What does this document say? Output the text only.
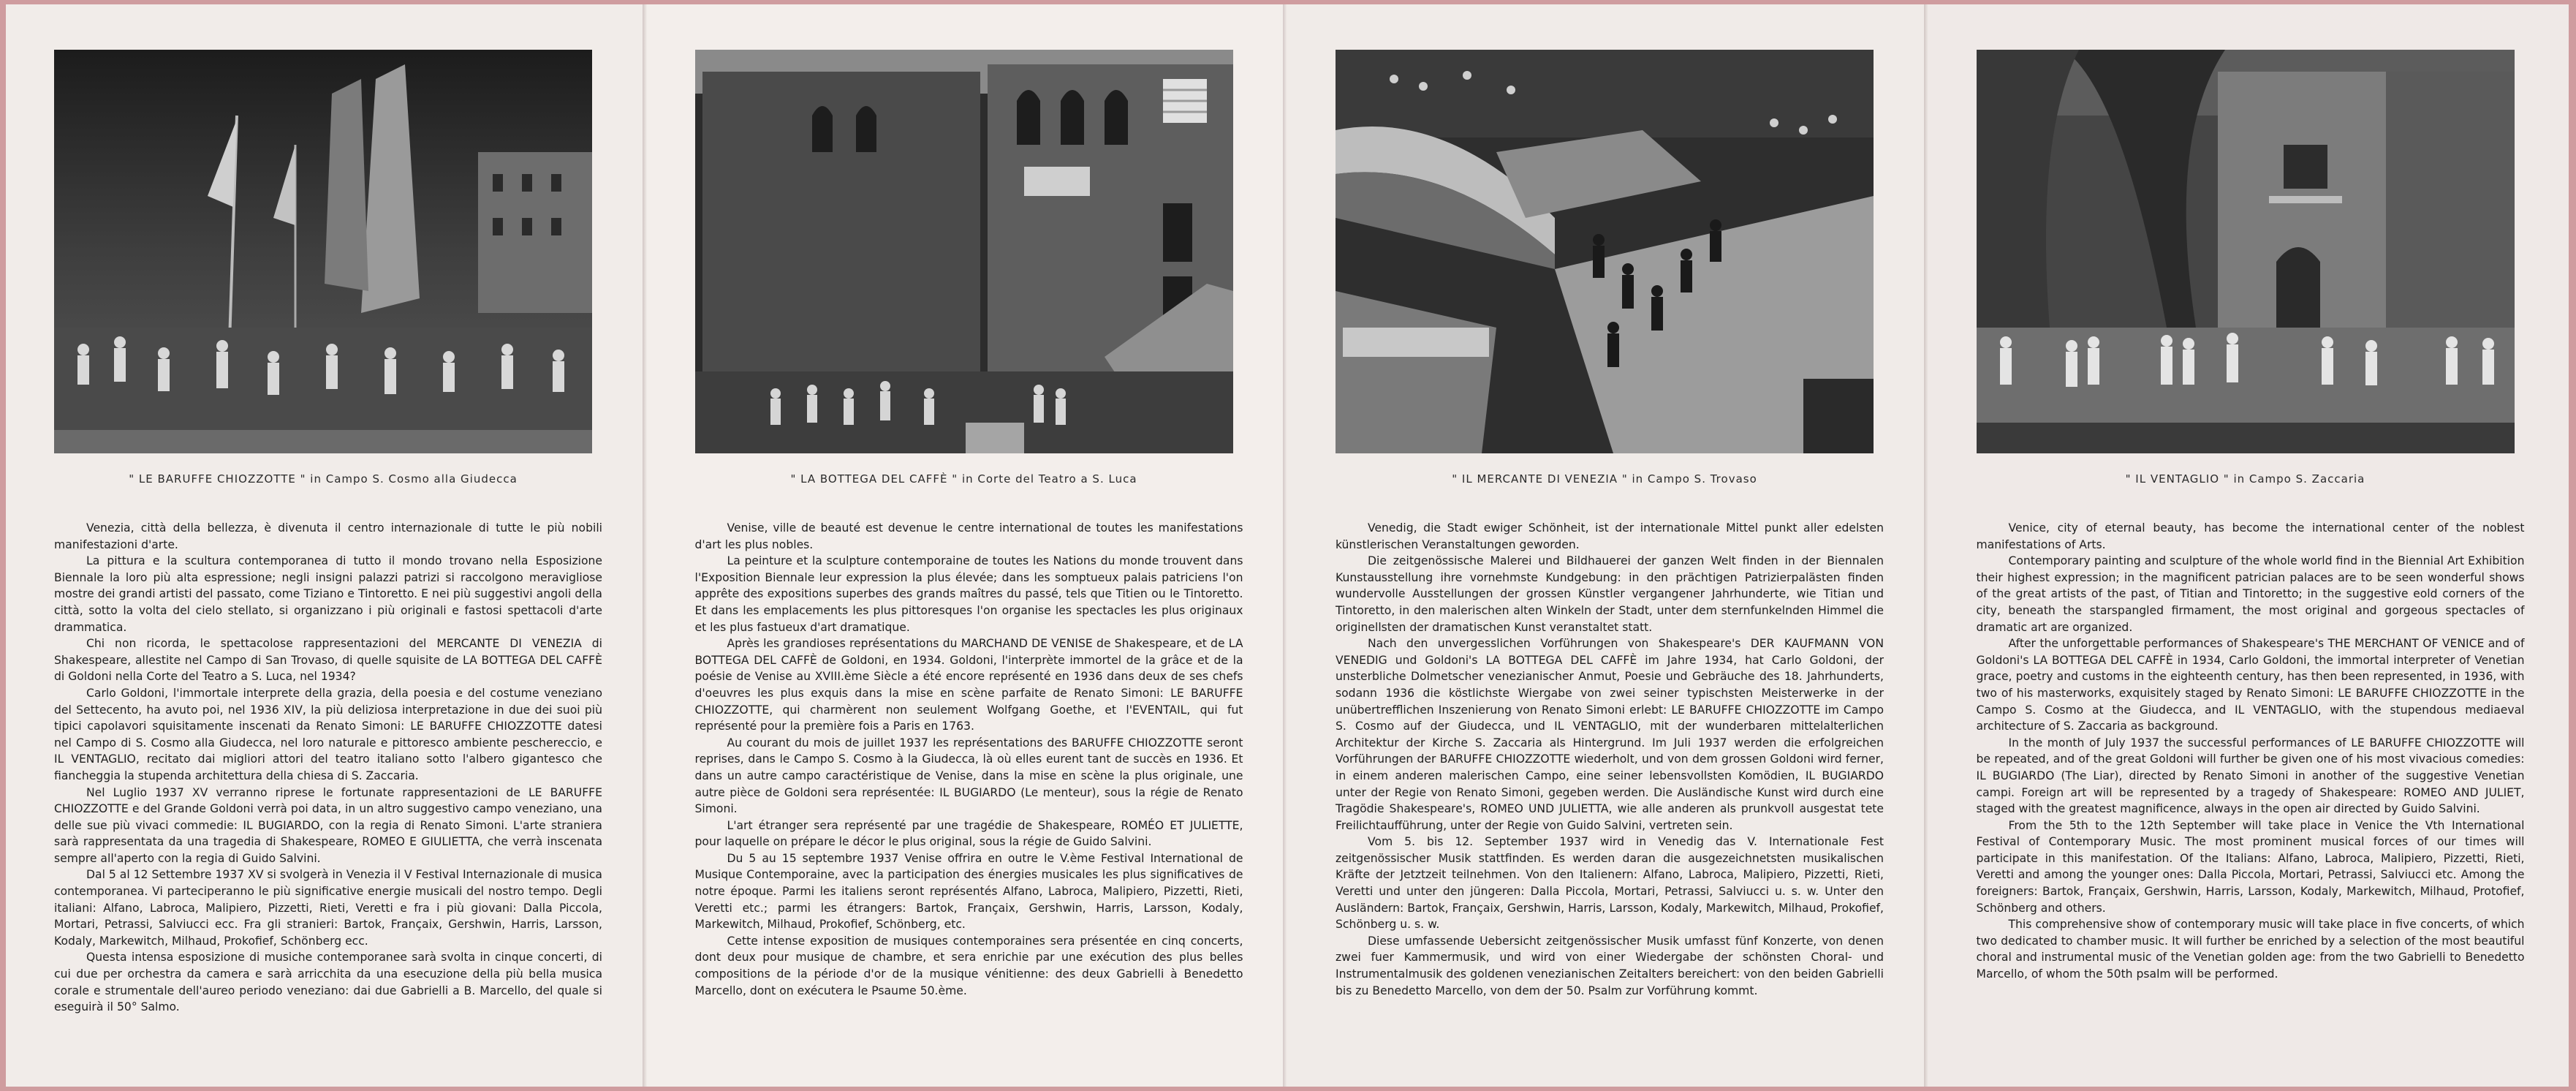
" LE BARUFFE CHIOZZOTTE " in Campo S. Cosmo alla Giudecca

Venezia, città della bellezza, è divenuta il centro internazionale di tutte le più nobili manifestazioni d'arte.

La pittura e la scultura contemporanea di tutto il mondo trovano nella Esposizione Biennale la loro più alta espressione; negli insigni palazzi patrizi si raccolgono meravigliose mostre dei grandi artisti del passato, come Tiziano e Tintoretto. E nei più suggestivi angoli della città, sotto la volta del cielo stellato, si organizzano i più originali e fastosi spettacoli d'arte drammatica.

Chi non ricorda, le spettacolose rappresentazioni del MERCANTE DI VENEZIA di Shakespeare, allestite nel Campo di San Trovaso, di quelle squisite de LA BOTTEGA DEL CAFFÈ di Goldoni nella Corte del Teatro a S. Luca, nel 1934?

Carlo Goldoni, l'immortale interprete della grazia, della poesia e del costume veneziano del Settecento, ha avuto poi, nel 1936 XIV, la più deliziosa interpretazione in due dei suoi più tipici capolavori squisitamente inscenati da Renato Simoni: LE BARUFFE CHIOZZOTTE datesi nel Campo di S. Cosmo alla Giudecca, nel loro naturale e pittoresco ambiente peschereccio, e IL VENTAGLIO, recitato dai migliori attori del teatro italiano sotto l'albero gigantesco che fiancheggia la stupenda architettura della chiesa di S. Zaccaria.

Nel Luglio 1937 XV verranno riprese le fortunate rappresentazioni de LE BARUFFE CHIOZZOTTE e del Grande Goldoni verrà poi data, in un altro suggestivo campo veneziano, una delle sue più vivaci commedie: IL BUGIARDO, con la regia di Renato Simoni. L'arte straniera sarà rappresentata da una tragedia di Shakespeare, ROMEO E GIULIETTA, che verrà inscenata sempre all'aperto con la regia di Guido Salvini.

Dal 5 al 12 Settembre 1937 XV si svolgerà in Venezia il V Festival Internazionale di musica contemporanea. Vi parteciperanno le più significative energie musicali del nostro tempo. Degli italiani: Alfano, Labroca, Malipiero, Pizzetti, Rieti, Veretti e fra i più giovani: Dalla Piccola, Mortari, Petrassi, Salviucci ecc. Fra gli stranieri: Bartok, Françaix, Gershwin, Harris, Larsson, Kodaly, Markewitch, Milhaud, Prokofief, Schönberg ecc.

Questa intensa esposizione di musiche contemporanee sarà svolta in cinque concerti, di cui due per orchestra da camera e sarà arricchita da una esecuzione della più bella musica corale e strumentale dell'aureo periodo veneziano: dai due Gabrielli a B. Marcello, del quale si eseguirà il 50° Salmo.

" LA BOTTEGA DEL CAFFÈ " in Corte del Teatro a S. Luca

Venise, ville de beauté est devenue le centre international de toutes les manifestations d'art les plus nobles.

La peinture et la sculpture contemporaine de toutes les Nations du monde trouvent dans l'Exposition Biennale leur expression la plus élevée; dans les somptueux palais patriciens l'on apprête des expositions superbes des grands maîtres du passé, tels que Titien ou le Tintoretto. Et dans les emplacements les plus pittoresques l'on organise les spectacles les plus originaux et les plus fastueux d'art dramatique.

Après les grandioses représentations du MARCHAND DE VENISE de Shakespeare, et de LA BOTTEGA DEL CAFFÈ de Goldoni, en 1934. Goldoni, l'interprète immortel de la grâce et de la poésie de Venise au XVIII.ème Siècle a été encore représenté en 1936 dans deux de ses chefs d'oeuvres les plus exquis dans la mise en scène parfaite de Renato Simoni: LE BARUFFE CHIOZZOTTE, qui charmèrent non seulement Wolfgang Goethe, et l'EVENTAIL, qui fut représenté pour la première fois a Paris en 1763.

Au courant du mois de juillet 1937 les représentations des BARUFFE CHIOZZOTTE seront reprises, dans le Campo S. Cosmo à la Giudecca, là où elles eurent tant de succès en 1936. Et dans un autre campo caractéristique de Venise, dans la mise en scène la plus originale, une autre pièce de Goldoni sera représentée: IL BUGIARDO (Le menteur), sous la régie de Renato Simoni.

L'art étranger sera représenté par une tragédie de Shakespeare, ROMÉO ET JULIETTE, pour laquelle on prépare le décor le plus original, sous la régie de Guido Salvini.

Du 5 au 15 septembre 1937 Venise offrira en outre le V.ème Festival International de Musique Contemporaine, avec la participation des énergies musicales les plus significatives de notre époque. Parmi les italiens seront représentés Alfano, Labroca, Malipiero, Pizzetti, Rieti, Veretti etc.; parmi les étrangers: Bartok, Françaix, Gershwin, Harris, Larsson, Kodaly, Markewitch, Milhaud, Prokofief, Schönberg, etc.

Cette intense exposition de musiques contemporaines sera présentée en cinq concerts, dont deux pour musique de chambre, et sera enrichie par une exécution des plus belles compositions de la période d'or de la musique vénitienne: des deux Gabrielli à Benedetto Marcello, dont on exécutera le Psaume 50.ème.

" IL MERCANTE DI VENEZIA " in Campo S. Trovaso

Venedig, die Stadt ewiger Schönheit, ist der internationale Mittel punkt aller edelsten künstlerischen Veranstaltungen geworden.

Die zeitgenössische Malerei und Bildhauerei der ganzen Welt finden in der Biennalen Kunstausstellung ihre vornehmste Kundgebung: in den prächtigen Patrizierpalästen finden wundervolle Ausstellungen der grossen Künstler vergangener Jahrhunderte, wie Titian und Tintoretto, in den malerischen alten Winkeln der Stadt, unter dem sternfunkelnden Himmel die originellsten der dramatischen Kunst veranstaltet statt.

Nach den unvergesslichen Vorführungen von Shakespeare's DER KAUFMANN VON VENEDIG und Goldoni's LA BOTTEGA DEL CAFFÈ im Jahre 1934, hat Carlo Goldoni, der unsterbliche Dolmetscher venezianischer Anmut, Poesie und Gebräuche des 18. Jahrhunderts, sodann 1936 die köstlichste Wiergabe von zwei seiner typischsten Meisterwerke in der unübertrefflichen Inszenierung von Renato Simoni erlebt: LE BARUFFE CHIOZZOTTE im Campo S. Cosmo auf der Giudecca, und IL VENTAGLIO, mit der wunderbaren mittelalterlichen Architektur der Kirche S. Zaccaria als Hintergrund. Im Juli 1937 werden die erfolgreichen Vorführungen der BARUFFE CHIOZZOTTE wiederholt, und von dem grossen Goldoni wird ferner, in einem anderen malerischen Campo, eine seiner lebensvollsten Komödien, IL BUGIARDO unter der Regie von Renato Simoni, gegeben werden. Die Ausländische Kunst wird durch eine Tragödie Shakespeare's, ROMEO UND JULIETTA, wie alle anderen als prunkvoll ausgestat tete Freilichtaufführung, unter der Regie von Guido Salvini, vertreten sein.

Vom 5. bis 12. September 1937 wird in Venedig das V. Internationale Fest zeitgenössischer Musik stattfinden. Es werden daran die ausgezeichnetsten musikalischen Kräfte der Jetztzeit teilnehmen. Von den Italienern: Alfano, Labroca, Malipiero, Pizzetti, Rieti, Veretti und unter den jüngeren: Dalla Piccola, Mortari, Petrassi, Salviucci u. s. w. Unter den Ausländern: Bartok, Françaix, Gershwin, Harris, Larsson, Kodaly, Markewitch, Milhaud, Prokofief, Schönberg u. s. w.

Diese umfassende Uebersicht zeitgenössischer Musik umfasst fünf Konzerte, von denen zwei fuer Kammermusik, und wird von einer Wiedergabe der schönsten Choral- und Instrumentalmusik des goldenen venezianischen Zeitalters bereichert: von den beiden Gabrielli bis zu Benedetto Marcello, von dem der 50. Psalm zur Vorführung kommt.

" IL VENTAGLIO " in Campo S. Zaccaria

Venice, city of eternal beauty, has become the international center of the noblest manifestations of Arts.

Contemporary painting and sculpture of the whole world find in the Biennial Art Exhibition their highest expression; in the magnificent patrician palaces are to be seen wonderful shows of the great artists of the past, of Titian and Tintoretto; in the suggestive eold corners of the city, beneath the starspangled firmament, the most original and gorgeous spectacles of dramatic art are organized.

After the unforgettable performances of Shakespeare's THE MERCHANT OF VENICE and of Goldoni's LA BOTTEGA DEL CAFFÈ in 1934, Carlo Goldoni, the immortal interpreter of Venetian grace, poetry and customs in the eighteenth century, has then been represented, in 1936, with two of his masterworks, exquisitely staged by Renato Simoni: LE BARUFFE CHIOZZOTTE in the Campo S. Cosmo at the Giudecca, and IL VENTAGLIO, with the stupendous mediaeval architecture of S. Zaccaria as background.

In the month of July 1937 the successful performances of LE BARUFFE CHIOZZOTTE will be repeated, and of the great Goldoni will further be given one of his most vivacious comedies: IL BUGIARDO (The Liar), directed by Renato Simoni in another of the suggestive Venetian campi. Foreign art will be represented by a tragedy of Shakespeare: ROMEO AND JULIET, staged with the greatest magnificence, always in the open air directed by Guido Salvini.

From the 5th to the 12th September will take place in Venice the Vth International Festival of Contemporary Music. The most prominent musical forces of our times will participate in this manifestation. Of the Italians: Alfano, Labroca, Malipiero, Pizzetti, Rieti, Veretti and among the younger ones: Dalla Piccola, Mortari, Petrassi, Salviucci etc. Among the foreigners: Bartok, Françaix, Gershwin, Harris, Larsson, Kodaly, Markewitch, Milhaud, Protofief, Schönberg and others.

This comprehensive show of contemporary music will take place in five concerts, of which two dedicated to chamber music. It will further be enriched by a selection of the most beautiful choral and instrumental music of the Venetian golden age: from the two Gabrielli to Benedetto Marcello, of whom the 50th psalm will be performed.
